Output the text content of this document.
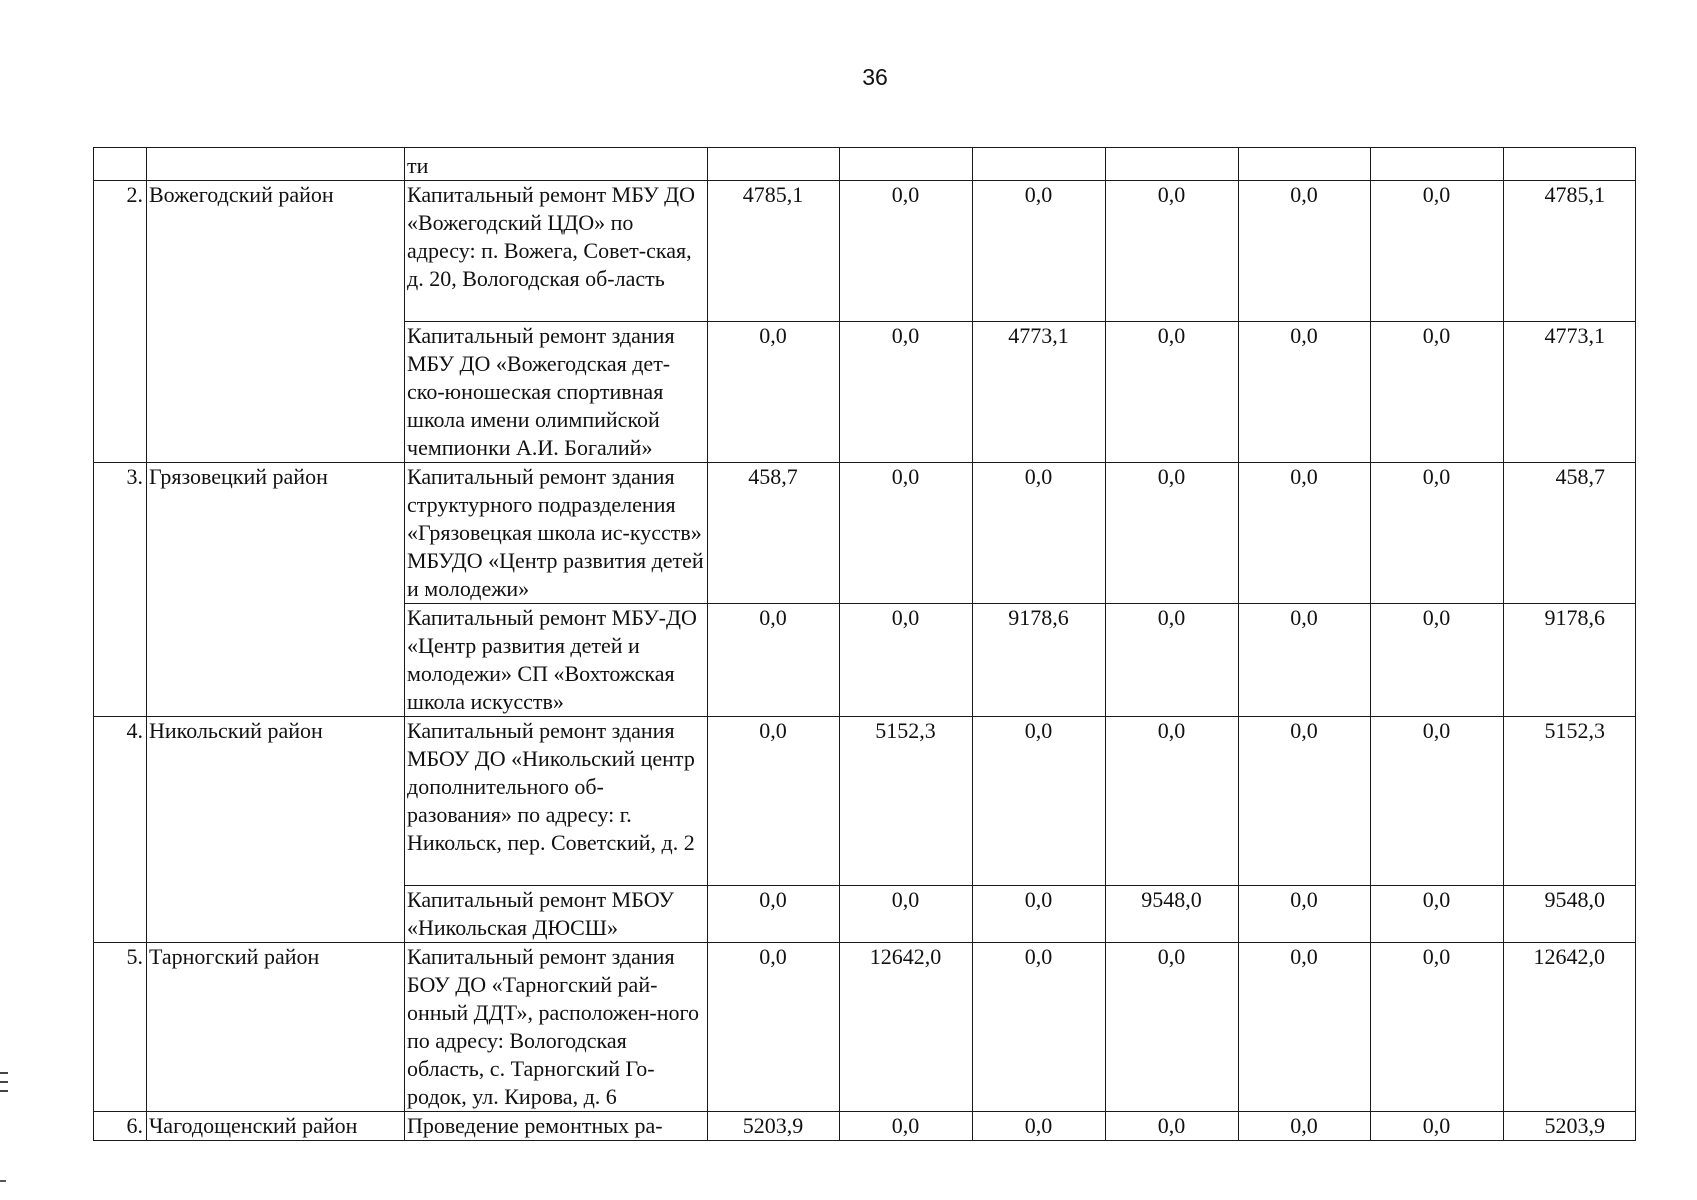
36
		ти							
2.	Вожегодский район	Капитальный ремонт МБУ ДО «Вожегодский ЦДО» по адресу: п. Вожега, Совет-ская, д. 20, Вологодская об-ласть	4785,1	0,0	0,0	0,0	0,0	0,0	4785,1
		Капитальный ремонт здания МБУ ДО «Вожегодская дет-ско-юношеская спортивная школа имени олимпийской чемпионки А.И. Богалий»	0,0	0,0	4773,1	0,0	0,0	0,0	4773,1
3.	Грязовецкий район	Капитальный ремонт здания структурного подразделения «Грязовецкая школа ис-кусств» МБУДО «Центр развития детей и молодежи»	458,7	0,0	0,0	0,0	0,0	0,0	458,7
		Капитальный ремонт МБУ-ДО «Центр развития детей и молодежи» СП «Вохтожская школа искусств»	0,0	0,0	9178,6	0,0	0,0	0,0	9178,6
4.	Никольский район	Капитальный ремонт здания МБОУ ДО «Никольский центр дополнительного об-разования» по адресу: г. Никольск, пер. Советский, д. 2	0,0	5152,3	0,0	0,0	0,0	0,0	5152,3
		Капитальный ремонт МБОУ «Никольская ДЮСШ»	0,0	0,0	0,0	9548,0	0,0	0,0	9548,0
5.	Тарногский район	Капитальный ремонт здания БОУ ДО «Тарногский рай-онный ДДТ», расположен-ного по адресу: Вологодская область, с. Тарногский Го-родок, ул. Кирова, д. 6	0,0	12642,0	0,0	0,0	0,0	0,0	12642,0
6.	Чагодощенский район	Проведение ремонтных ра-	5203,9	0,0	0,0	0,0	0,0	0,0	5203,9
